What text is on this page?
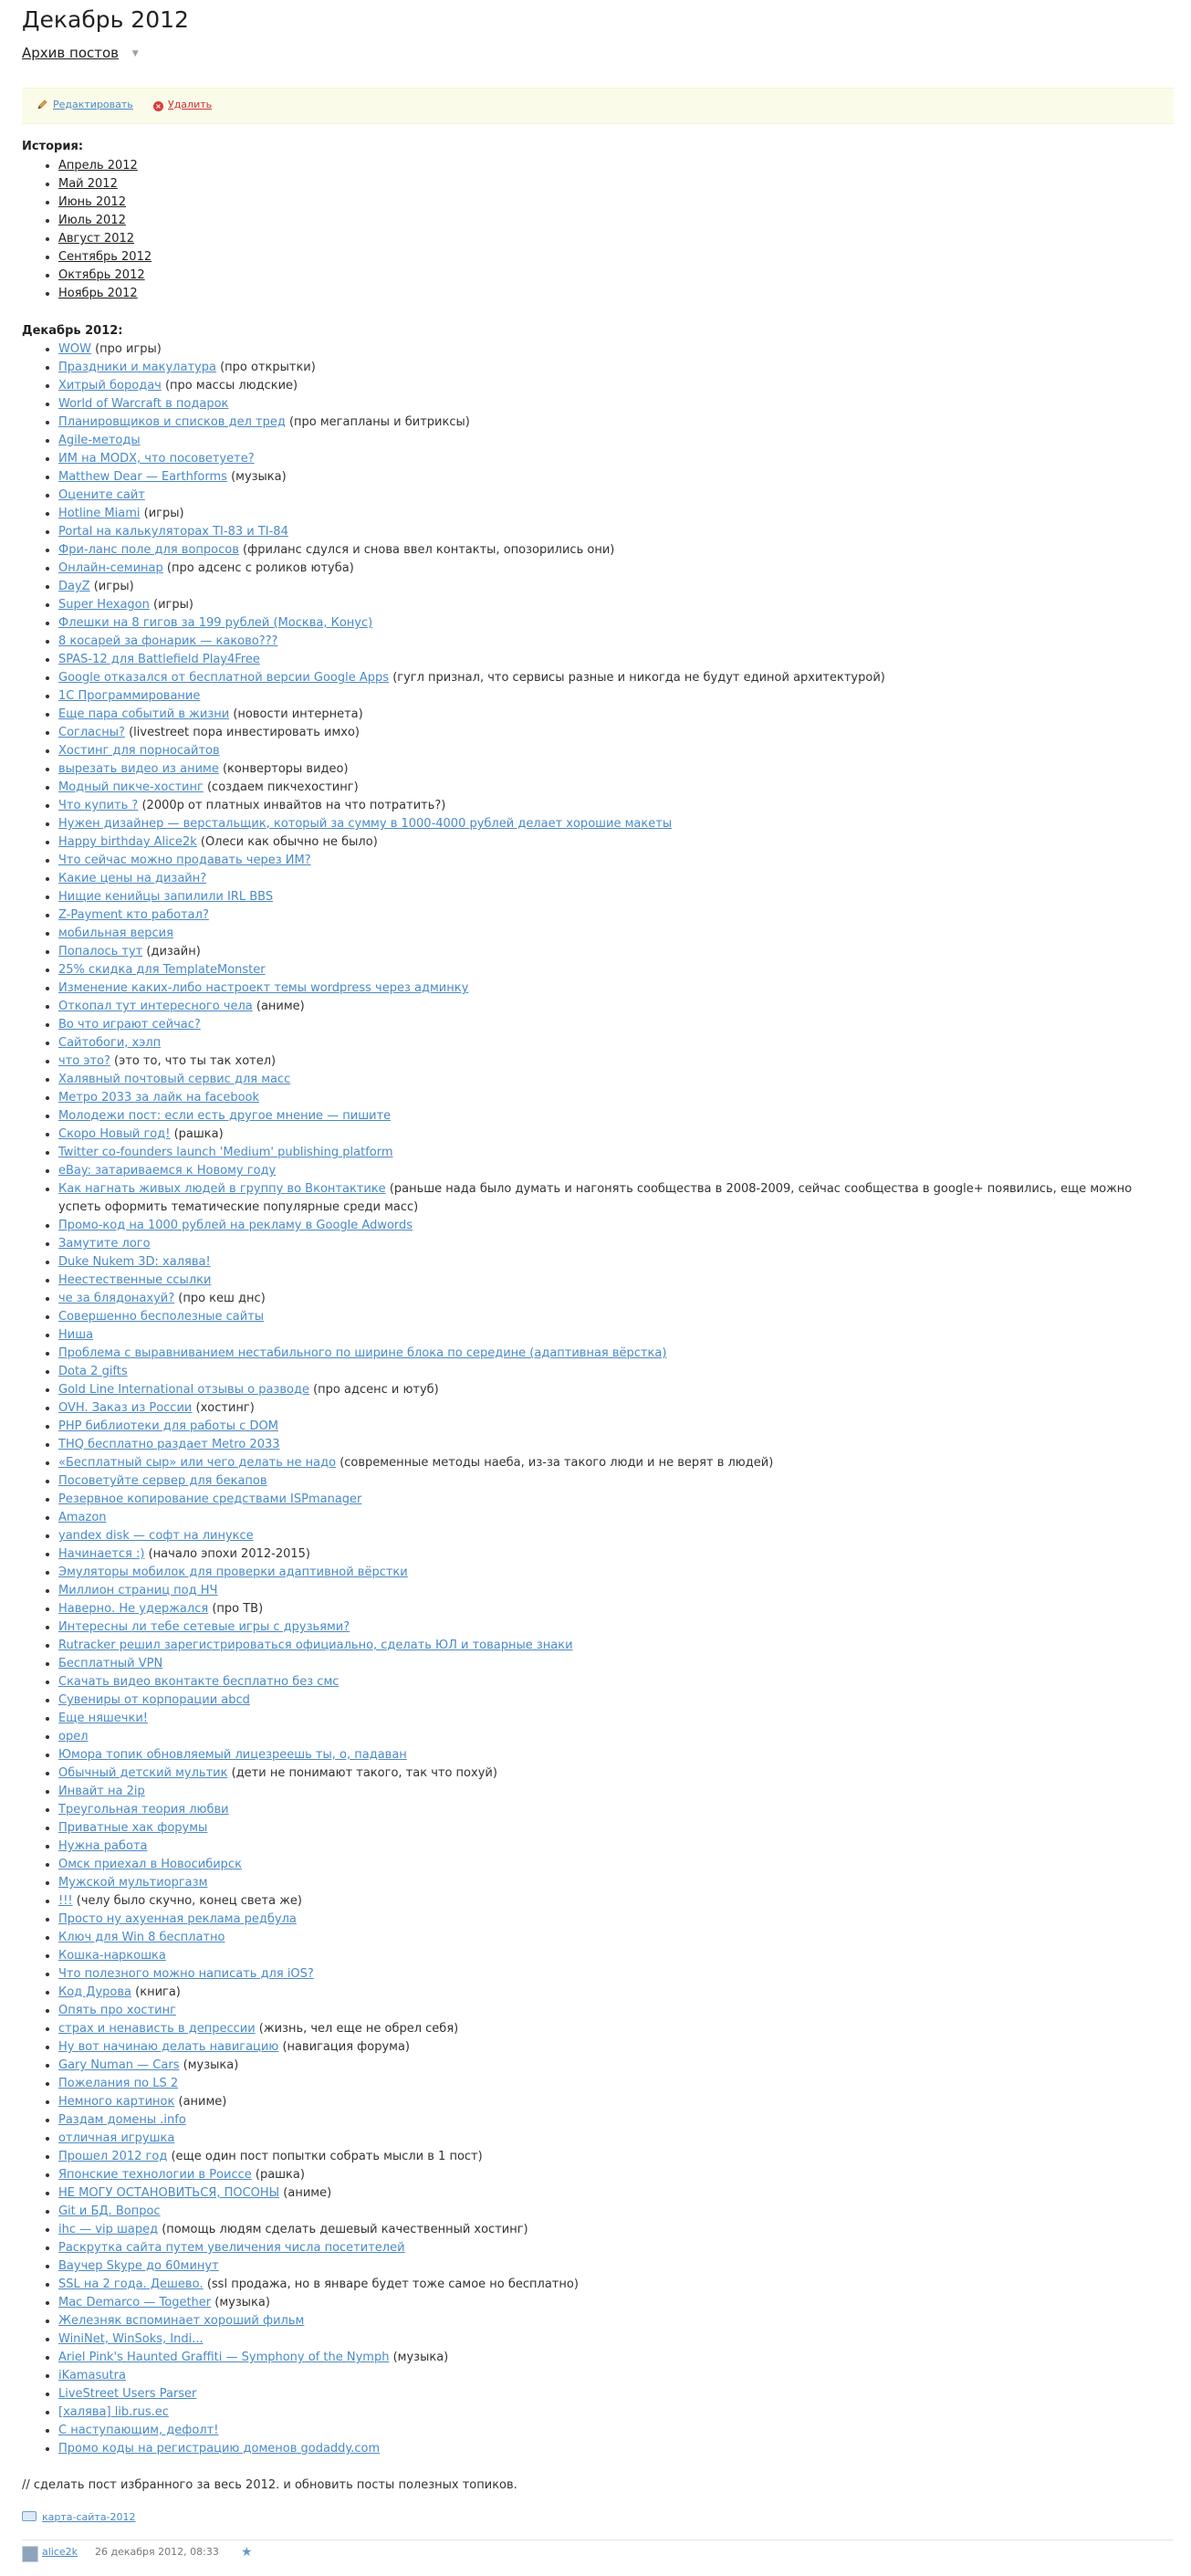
Декабрь 2012
Архив постов ▼
Редактировать	× Удалить
История:
• Апрель 2012
• Май 2012
• Июнь 2012
• Июль 2012
• Август 2012
• Сентябрь 2012
• Октябрь 2012
• Ноябрь 2012
Декабрь 2012:
• WOW (про игры)
• Праздники и макулатура (про открытки)
• Хитрый бородач (про массы людские)
• World of Warcraft в подарок
• Планировщиков и списков дел тред (про мегапланы и битриксы)
• Agile-методы
• ИМ на MODX, что посоветуете?
• Matthew Dear — Earthforms (музыка)
• Оцените сайт
• Hotline Miami (игры)
• Portal на калькуляторах TI-83 и TI-84
• Фри-ланс поле для вопросов (фриланс сдулся и снова ввел контакты, опозорились они)
• Онлайн-семинар (про адсенс с роликов ютуба)
• DayZ (игры)
• Super Hexagon (игры)
• Флешки на 8 гигов за 199 рублей (Москва, Конус)
• 8 косарей за фонарик — каково???
• SPAS-12 для Battlefield Play4Free
• Google отказался от бесплатной версии Google Apps (гугл признал, что сервисы разные и никогда не будут единой архитектурой)
• 1С Программирование
• Еще пара событий в жизни (новости интернета)
• Согласны? (livestreet пора инвестировать имхо)
• Хостинг для порносайтов
• вырезать видео из аниме (конверторы видео)
• Модный пикче-хостинг (создаем пикчехостинг)
• Что купить ? (2000р от платных инвайтов на что потратить?)
• Нужен дизайнер — верстальщик, который за сумму в 1000-4000 рублей делает хорошие макеты
• Happy birthday Alice2k (Олеси как обычно не было)
• Что сейчас можно продавать через ИМ?
• Какие цены на дизайн?
• Нищие кенийцы запилили IRL BBS
• Z-Payment кто работал?
• мобильная версия
• Попалось тут (дизайн)
• 25% скидка для TemplateMonster
• Изменение каких-либо настроект темы wordpress через админку
• Откопал тут интересного чела (аниме)
• Во что играют сейчас?
• Сайтобоги, хэлп
• что это? (это то, что ты так хотел)
• Халявный почтовый сервис для масс
• Метро 2033 за лайк на facebook
• Молодежи пост: если есть другое мнение — пишите
• Скоро Новый год! (рашка)
• Twitter co-founders launch 'Medium' publishing platform
• eBay: затариваемся к Новому году
• Как нагнать живых людей в группу во Вконтактике (раньше нада было думать и нагонять сообщества в 2008-2009, сейчас сообщества в google+ появились, еще можно успеть оформить тематические популярные среди масс)
• Промо-код на 1000 рублей на рекламу в Google Adwords
• Замутите лого
• Duke Nukem 3D: халява!
• Неестественные ссылки
• че за блядонахуй? (про кеш днс)
• Совершенно бесполезные сайты
• Ниша
• Проблема с выравниванием нестабильного по ширине блока по середине (адаптивная вёрстка)
• Dota 2 gifts
• Gold Line International отзывы о разводе (про адсенс и ютуб)
• OVH. Заказ из России (хостинг)
• PHP библиотеки для работы с DOM
• THQ бесплатно раздает Metro 2033
• «Бесплатный сыр» или чего делать не надо (современные методы наеба, из-за такого люди и не верят в людей)
• Посоветуйте сервер для бекапов
• Резервное копирование средствами ISPmanager
• Amazon
• yandex disk — софт на линуксе
• Начинается :) (начало эпохи 2012-2015)
• Эмуляторы мобилок для проверки адаптивной вёрстки
• Миллион страниц под HЧ
• Наверно. Не удержался (про ТВ)
• Интересны ли тебе сетевые игры с друзьями?
• Rutracker решил зарегистрироваться официально, сделать ЮЛ и товарные знаки
• Бесплатный VPN
• Скачать видео вконтакте бесплатно без смс
• Сувениры от корпорации abcd
• Еще няшечки!
• орел
• Юмора топик обновляемый лицезреешь ты, о, падаван
• Обычный детский мультик (дети не понимают такого, так что похуй)
• Инвайт на 2ip
• Треугольная теория любви
• Приватные хак форумы
• Нужна работа
• Омск приехал в Новосибирск
• Мужской мультиоргазм
• !!! (челу было скучно, конец света же)
• Просто ну ахуенная реклама редбула
• Ключ для Win 8 бесплатно
• Кошка-наркошка
• Что полезного можно написать для iOS?
• Код Дурова (книга)
• Опять про хостинг
• страх и ненависть в депрессии (жизнь, чел еще не обрел себя)
• Ну вот начинаю делать навигацию (навигация форума)
• Gary Numan — Cars (музыка)
• Пожелания по LS 2
• Немного картинок (аниме)
• Раздам домены .info
• отличная игрушка
• Прошел 2012 год (еще один пост попытки собрать мысли в 1 пост)
• Японские технологии в Роиссе (рашка)
• НЕ МОГУ ОСТАНОВИТЬСЯ, ПОСОНЫ (аниме)
• Git и БД. Вопрос
• ihc — vip шаред (помощь людям сделать дешевый качественный хостинг)
• Раскрутка сайта путем увеличения числа посетителей
• Ваучер Skype до 60минут
• SSL на 2 года. Дешево. (ssl продажа, но в январе будет тоже самое но бесплатно)
• Mac Demarco — Together (музыка)
• Железняк вспоминает хороший фильм
• WiniNet, WinSoks, Indi...
• Ariel Pink's Haunted Graffiti — Symphony of the Nymph (музыка)
• iKamasutra
• LiveStreet Users Parser
• [халява] lib.rus.ec
• С наступающим, дефолт!
• Промо коды на регистрацию доменов godaddy.com
// сделать пост избранного за весь 2012. и обновить посты полезных топиков.
карта-сайта-2012
alice2k 26 декабря 2012, 08:33 ★
